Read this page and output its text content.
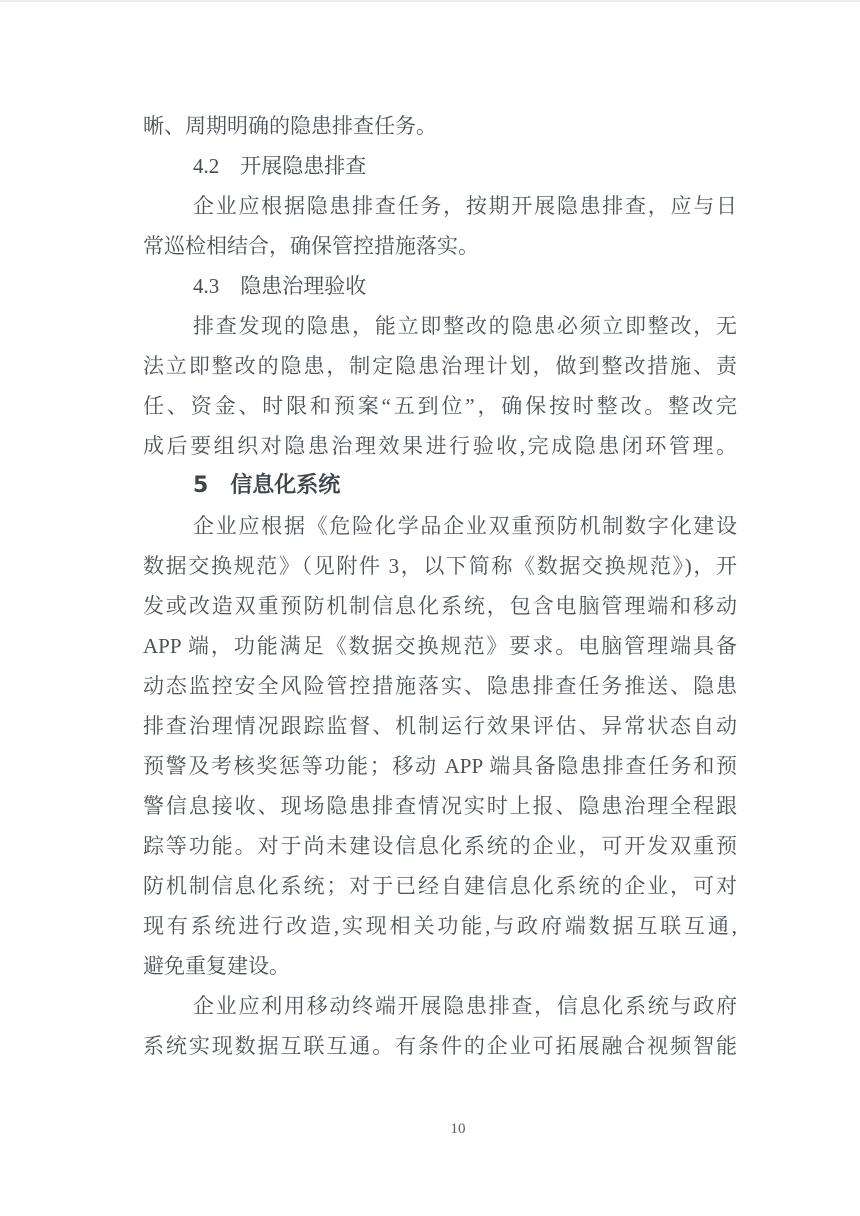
晰、周期明确的隐患排查任务。
4.2　开展隐患排查
企业应根据隐患排查任务，按期开展隐患排查，应与日
常巡检相结合，确保管控措施落实。
4.3　隐患治理验收
排查发现的隐患，能立即整改的隐患必须立即整改，无
法立即整改的隐患，制定隐患治理计划，做到整改措施、责
任、资金、时限和预案“五到位”，确保按时整改。整改完
成后要组织对隐患治理效果进行验收,完成隐患闭环管理。
5　信息化系统
企业应根据《危险化学品企业双重预防机制数字化建设
数据交换规范》（见附件 3，以下简称《数据交换规范》)，开
发或改造双重预防机制信息化系统，包含电脑管理端和移动
APP 端，功能满足《数据交换规范》要求。电脑管理端具备
动态监控安全风险管控措施落实、隐患排查任务推送、隐患
排查治理情况跟踪监督、机制运行效果评估、异常状态自动
预警及考核奖惩等功能；移动 APP 端具备隐患排查任务和预
警信息接收、现场隐患排查情况实时上报、隐患治理全程跟
踪等功能。对于尚未建设信息化系统的企业，可开发双重预
防机制信息化系统；对于已经自建信息化系统的企业，可对
现有系统进行改造,实现相关功能,与政府端数据互联互通,
避免重复建设。
企业应利用移动终端开展隐患排查，信息化系统与政府
系统实现数据互联互通。有条件的企业可拓展融合视频智能
10
